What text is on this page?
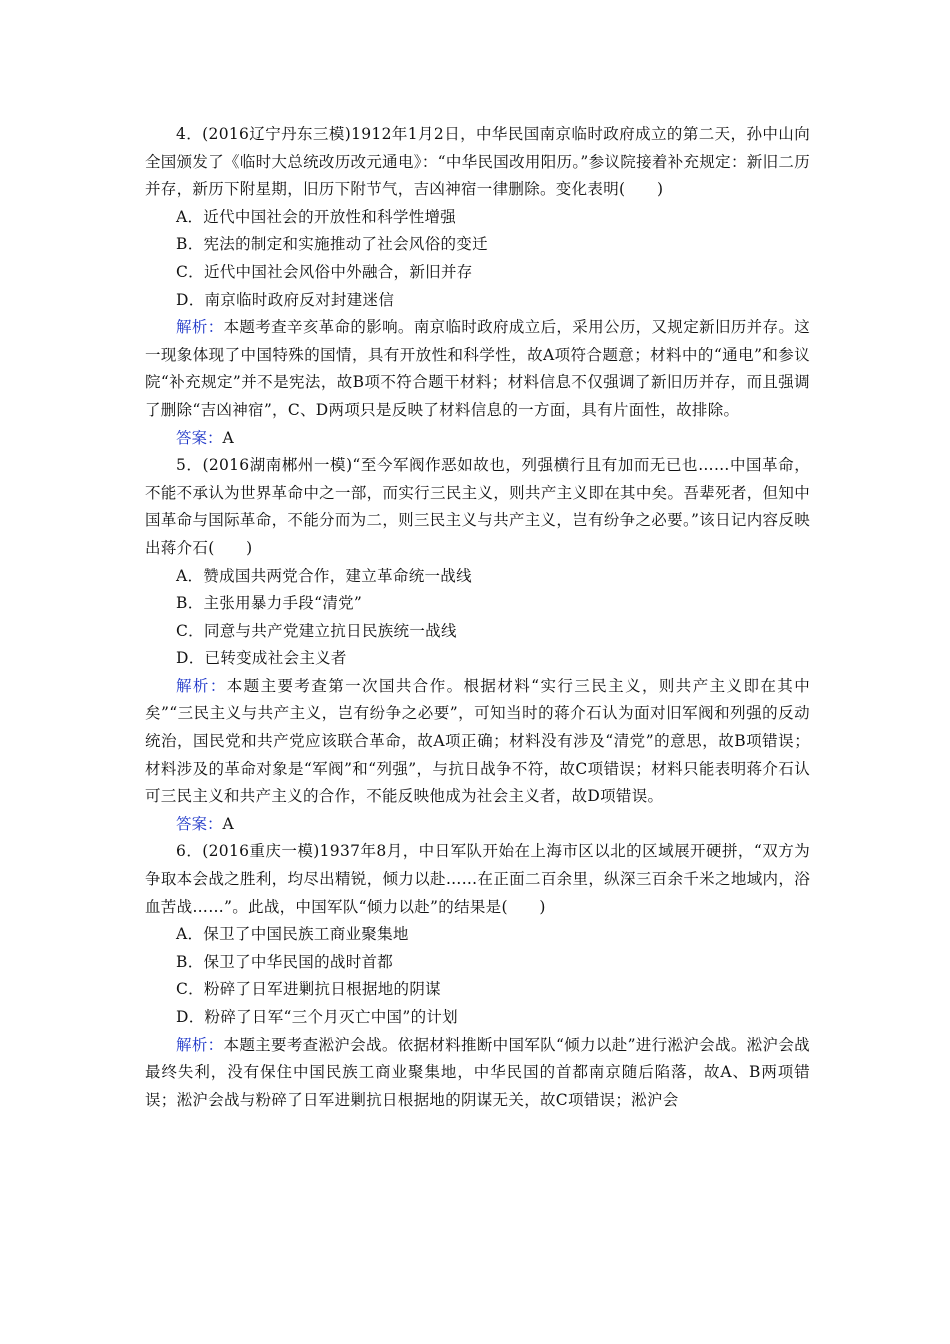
4．(2016辽宁丹东三模)1912年1月2日，中华民国南京临时政府成立的第二天，孙中山向全国颁发了《临时大总统改历改元通电》：“中华民国改用阳历。”参议院接着补充规定：新旧二历并存，新历下附星期，旧历下附节气，吉凶神宿一律删除。变化表明(　　)

A．近代中国社会的开放性和科学性增强

B．宪法的制定和实施推动了社会风俗的变迁

C．近代中国社会风俗中外融合，新旧并存

D．南京临时政府反对封建迷信

解析：本题考查辛亥革命的影响。南京临时政府成立后，采用公历，又规定新旧历并存。这一现象体现了中国特殊的国情，具有开放性和科学性，故A项符合题意；材料中的“通电”和参议院“补充规定”并不是宪法，故B项不符合题干材料；材料信息不仅强调了新旧历并存，而且强调了删除“吉凶神宿”，C、D两项只是反映了材料信息的一方面，具有片面性，故排除。

答案：A

5．(2016湖南郴州一模)“至今军阀作恶如故也，列强横行且有加而无已也……中国革命，不能不承认为世界革命中之一部，而实行三民主义，则共产主义即在其中矣。吾辈死者，但知中国革命与国际革命，不能分而为二，则三民主义与共产主义，岂有纷争之必要。”该日记内容反映出蒋介石(　　)

A．赞成国共两党合作，建立革命统一战线

B．主张用暴力手段“清党”

C．同意与共产党建立抗日民族统一战线

D．已转变成社会主义者

解析：本题主要考查第一次国共合作。根据材料“实行三民主义，则共产主义即在其中矣”“三民主义与共产主义，岂有纷争之必要”，可知当时的蒋介石认为面对旧军阀和列强的反动统治，国民党和共产党应该联合革命，故A项正确；材料没有涉及“清党”的意思，故B项错误；材料涉及的革命对象是“军阀”和“列强”，与抗日战争不符，故C项错误；材料只能表明蒋介石认可三民主义和共产主义的合作，不能反映他成为社会主义者，故D项错误。

答案：A

6．(2016重庆一模)1937年8月，中日军队开始在上海市区以北的区域展开硬拼，“双方为争取本会战之胜利，均尽出精锐，倾力以赴……在正面二百余里，纵深三百余千米之地域内，浴血苦战……”。此战，中国军队“倾力以赴”的结果是(　　)

A．保卫了中国民族工商业聚集地

B．保卫了中华民国的战时首都

C．粉碎了日军进剿抗日根据地的阴谋

D．粉碎了日军“三个月灭亡中国”的计划

解析：本题主要考查淞沪会战。依据材料推断中国军队“倾力以赴”进行淞沪会战。淞沪会战最终失利，没有保住中国民族工商业聚集地，中华民国的首都南京随后陷落，故A、B两项错误；淞沪会战与粉碎了日军进剿抗日根据地的阴谋无关，故C项错误；淞沪会
